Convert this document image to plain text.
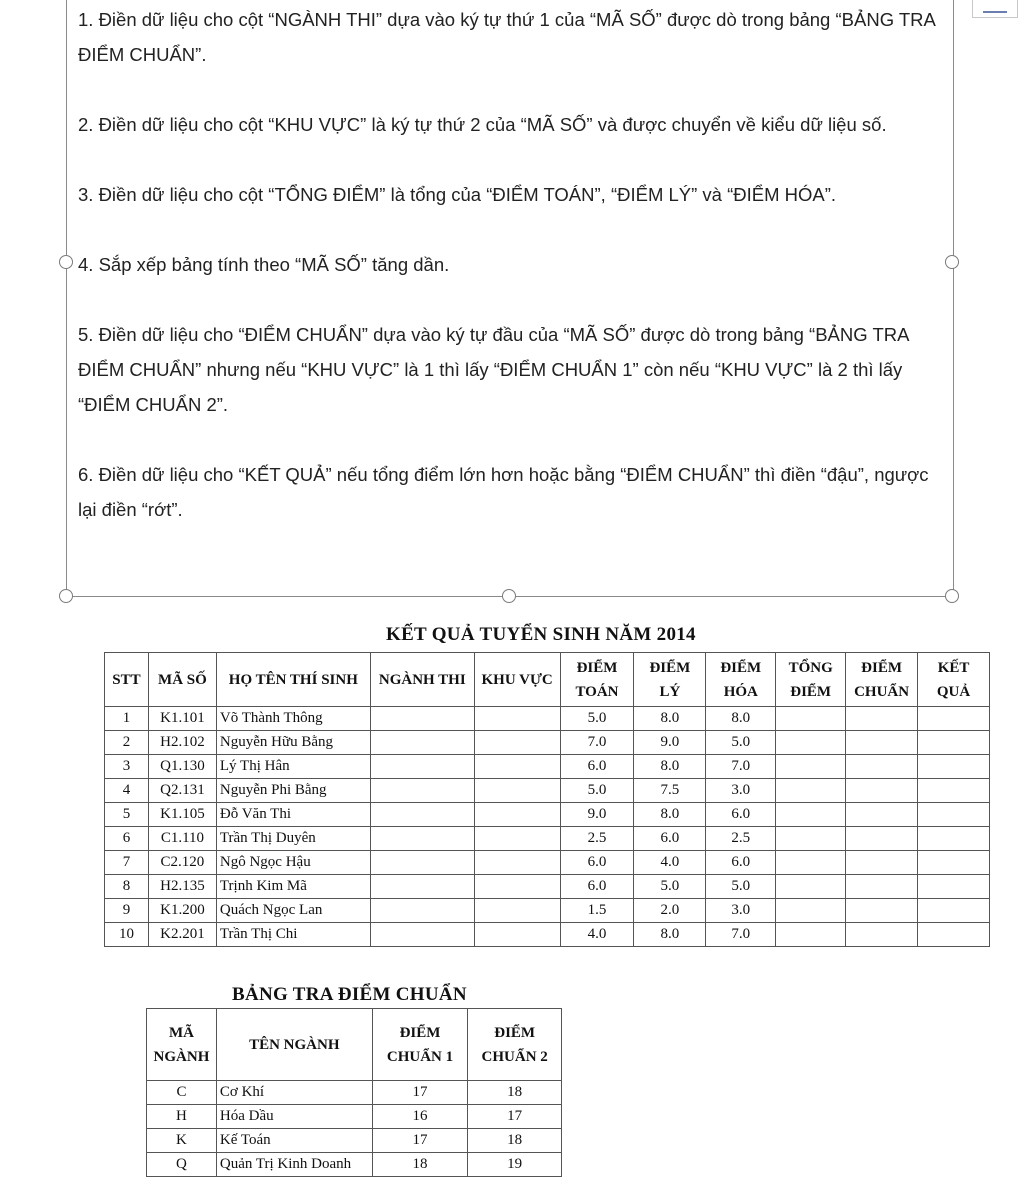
1. Điền dữ liệu cho cột “NGÀNH THI” dựa vào ký tự thứ 1 của “MÃ SỐ” được dò trong bảng “BẢNG TRA ĐIỂM CHUẨN”.

2. Điền dữ liệu cho cột “KHU VỰC” là ký tự thứ 2 của “MÃ SỐ” và được chuyển về kiểu dữ liệu số.

3. Điền dữ liệu cho cột “TỔNG ĐIỂM” là tổng của “ĐIỂM TOÁN”, “ĐIỂM LÝ” và “ĐIỂM HÓA”.

4. Sắp xếp bảng tính theo “MÃ SỐ” tăng dần.

5. Điền dữ liệu cho “ĐIỂM CHUẨN” dựa vào ký tự đầu của “MÃ SỐ” được dò trong bảng “BẢNG TRA ĐIỂM CHUẨN” nhưng nếu “KHU VỰC” là 1 thì lấy “ĐIỂM CHUẨN 1” còn nếu “KHU VỰC” là 2 thì lấy “ĐIỂM CHUẨN 2”.

6. Điền dữ liệu cho “KẾT QUẢ” nếu tổng điểm lớn hơn hoặc bằng “ĐIỂM CHUẨN” thì điền “đậu”, ngược lại điền “rớt”.

KẾT QUẢ TUYỂN SINH NĂM 2014
STT	MÃ SỐ	HỌ TÊN THÍ SINH	NGÀNH THI	KHU VỰC	ĐIỂM TOÁN	ĐIỂM LÝ	ĐIỂM HÓA	TỔNG ĐIỂM	ĐIỂM CHUẨN	KẾT QUẢ
1	K1.101	Võ Thành Thông			5.0	8.0	8.0			
2	H2.102	Nguyễn Hữu Bằng			7.0	9.0	5.0			
3	Q1.130	Lý Thị Hân			6.0	8.0	7.0			
4	Q2.131	Nguyễn Phi Bằng			5.0	7.5	3.0			
5	K1.105	Đỗ Văn Thi			9.0	8.0	6.0			
6	C1.110	Trần Thị Duyên			2.5	6.0	2.5			
7	C2.120	Ngô Ngọc Hậu			6.0	4.0	6.0			
8	H2.135	Trịnh Kim Mã			6.0	5.0	5.0			
9	K1.200	Quách Ngọc Lan			1.5	2.0	3.0			
10	K2.201	Trần Thị Chi			4.0	8.0	7.0			
BẢNG TRA ĐIỂM CHUẨN
MÃ NGÀNH	TÊN NGÀNH	ĐIỂM CHUẨN 1	ĐIỂM CHUẨN 2
C	Cơ Khí	17	18
H	Hóa Dầu	16	17
K	Kế Toán	17	18
Q	Quản Trị Kinh Doanh	18	19
